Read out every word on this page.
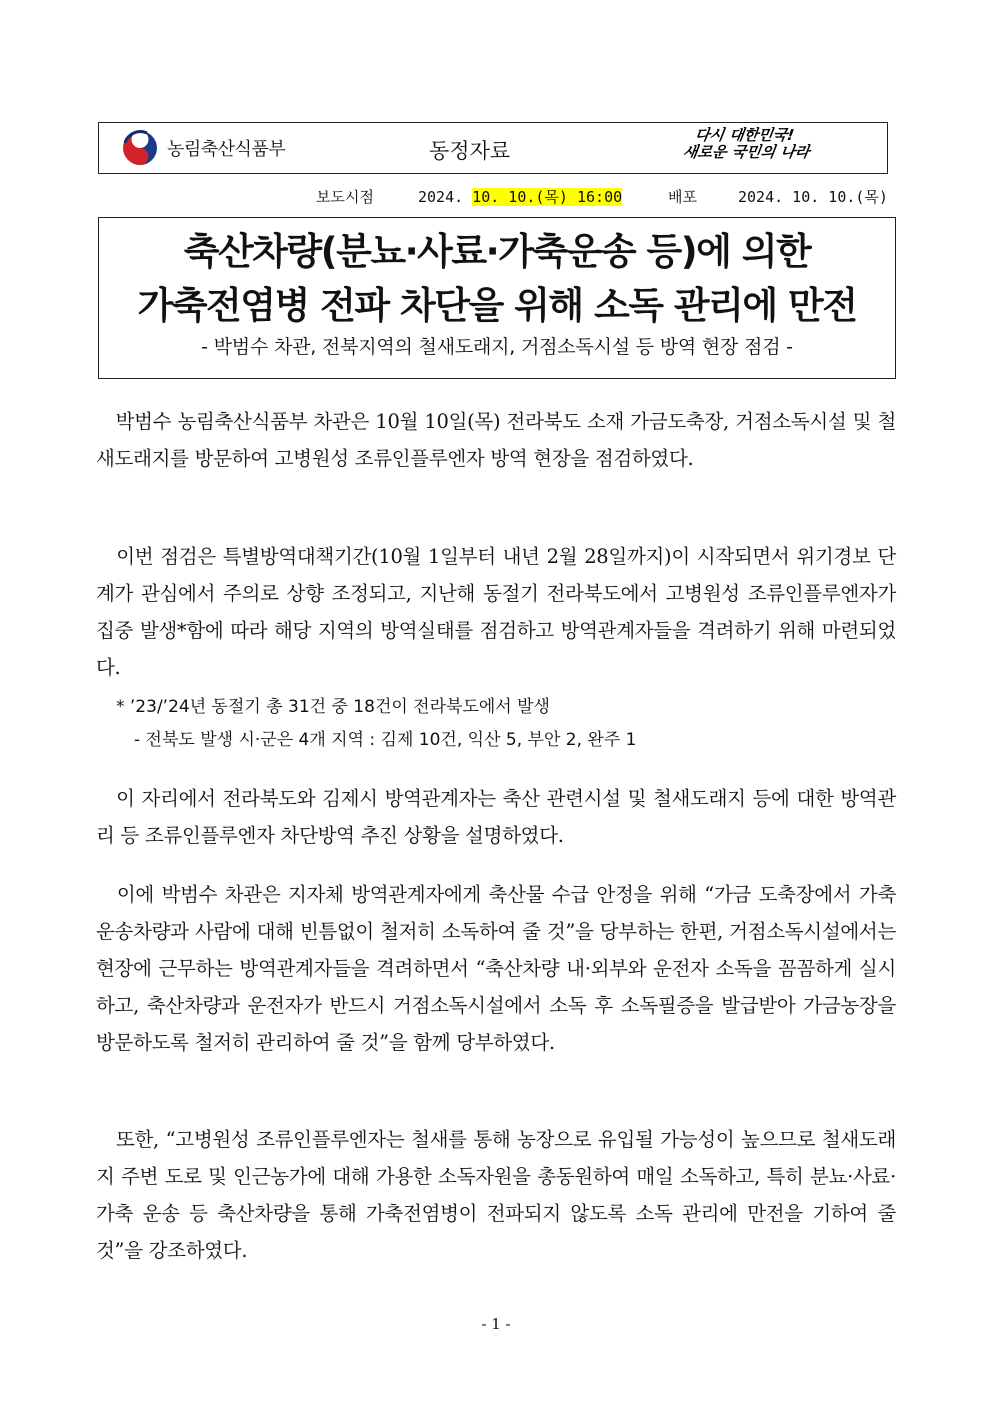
농림축산식품부	동정자료
다시 대한민국!
새로운 국민의 나라
보도시점	2024. 10. 10.(목) 16:00	배포	2024. 10. 10.(목)
축산차량(분뇨·사료·가축운송 등)에 의한
가축전염병 전파 차단을 위해 소독 관리에 만전
- 박범수 차관, 전북지역의 철새도래지, 거점소독시설 등 방역 현장 점검 -
　박범수 농림축산식품부 차관은 10월 10일(목) 전라북도 소재 가금도축장, 거점소독시설 및 철새도래지를 방문하여 고병원성 조류인플루엔자 방역 현장을 점검하였다.
　이번 점검은 특별방역대책기간(10월 1일부터 내년 2월 28일까지)이 시작되면서 위기경보 단계가 관심에서 주의로 상향 조정되고, 지난해 동절기 전라북도에서 고병원성 조류인플루엔자가 집중 발생*함에 따라 해당 지역의 방역실태를 점검하고 방역관계자들을 격려하기 위해 마련되었다.
* ’23/’24년 동절기 총 31건 중 18건이 전라북도에서 발생
- 전북도 발생 시·군은 4개 지역 : 김제 10건, 익산 5, 부안 2, 완주 1
　이 자리에서 전라북도와 김제시 방역관계자는 축산 관련시설 및 철새도래지 등에 대한 방역관리 등 조류인플루엔자 차단방역 추진 상황을 설명하였다.
　이에 박범수 차관은 지자체 방역관계자에게 축산물 수급 안정을 위해 “가금 도축장에서 가축 운송차량과 사람에 대해 빈틈없이 철저히 소독하여 줄 것”을 당부하는 한편, 거점소독시설에서는 현장에 근무하는 방역관계자들을 격려하면서 “축산차량 내·외부와 운전자 소독을 꼼꼼하게 실시하고, 축산차량과 운전자가 반드시 거점소독시설에서 소독 후 소독필증을 발급받아 가금농장을 방문하도록 철저히 관리하여 줄 것”을 함께 당부하였다.
　또한, “고병원성 조류인플루엔자는 철새를 통해 농장으로 유입될 가능성이 높으므로 철새도래지 주변 도로 및 인근농가에 대해 가용한 소독자원을 총동원하여 매일 소독하고, 특히 분뇨·사료·가축 운송 등 축산차량을 통해 가축전염병이 전파되지 않도록 소독 관리에 만전을 기하여 줄 것”을 강조하였다.
- 1 -
